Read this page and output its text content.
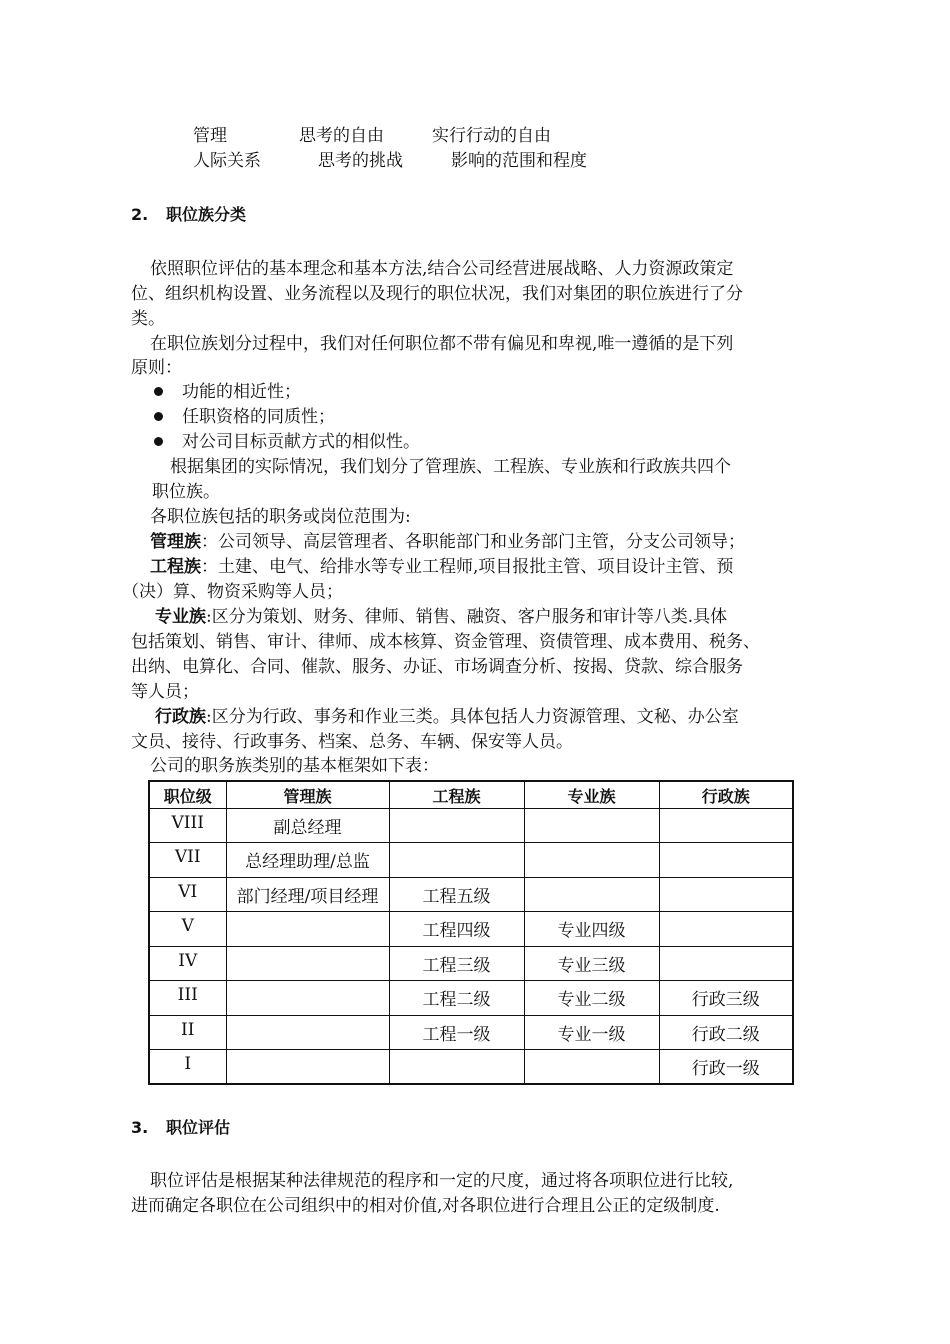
管理	思考的自由	实行行动的自由
人际关系	思考的挑战	影响的范围和程度
2. 职位族分类
依照职位评估的基本理念和基本方法,结合公司经营进展战略、人力资源政策定
位、组织机构设置、业务流程以及现行的职位状况，我们对集团的职位族进行了分
类。
在职位族划分过程中，我们对任何职位都不带有偏见和卑视,唯一遵循的是下列
原则：
功能的相近性；
任职资格的同质性；
对公司目标贡献方式的相似性。
根据集团的实际情况，我们划分了管理族、工程族、专业族和行政族共四个
职位族。
各职位族包括的职务或岗位范围为:
管理族：公司领导、高层管理者、各职能部门和业务部门主管，分支公司领导；
工程族：土建、电气、给排水等专业工程师,项目报批主管、项目设计主管、预
（决）算、物资采购等人员；
专业族:区分为策划、财务、律师、销售、融资、客户服务和审计等八类.具体
包括策划、销售、审计、律师、成本核算、资金管理、资债管理、成本费用、税务、
出纳、电算化、合同、催款、服务、办证、市场调查分析、按揭、贷款、综合服务
等人员；
行政族:区分为行政、事务和作业三类。具体包括人力资源管理、文秘、办公室
文员、接待、行政事务、档案、总务、车辆、保安等人员。
公司的职务族类别的基本框架如下表：
职位级	管理族	工程族	专业族	行政族
VIII	副总经理			
VII	总经理助理/总监			
VI	部门经理/项目经理	工程五级		
V		工程四级	专业四级	
IV		工程三级	专业三级	
III		工程二级	专业二级	行政三级
II		工程一级	专业一级	行政二级
I				行政一级
3. 职位评估
职位评估是根据某种法律规范的程序和一定的尺度，通过将各项职位进行比较,
进而确定各职位在公司组织中的相对价值,对各职位进行合理且公正的定级制度.
